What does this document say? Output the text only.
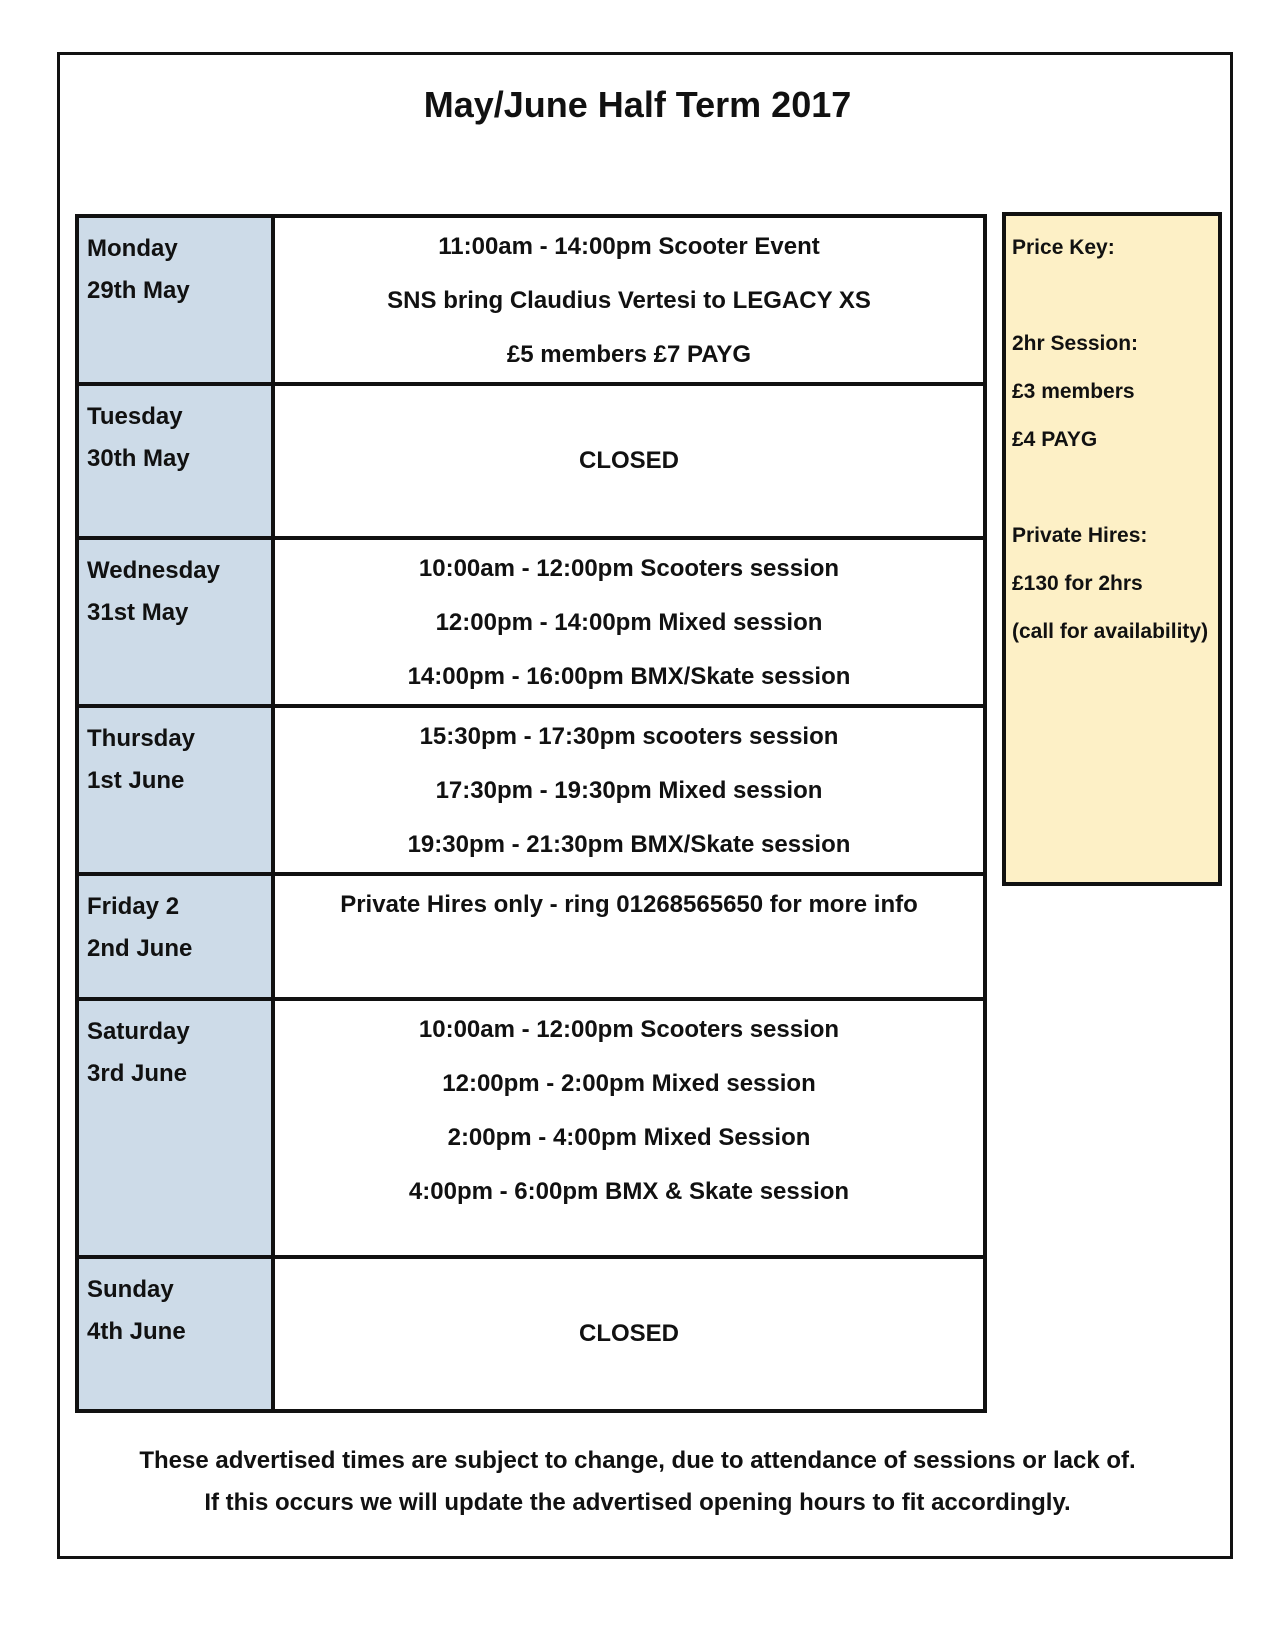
May/June Half Term 2017
Monday
29th May	11:00am - 14:00pm Scooter Event
SNS bring Claudius Vertesi to LEGACY XS
£5 members £7 PAYG

Tuesday
30th May	CLOSED

Wednesday
31st May	10:00am - 12:00pm Scooters session
12:00pm - 14:00pm Mixed session
14:00pm - 16:00pm BMX/Skate session

Thursday
1st June	15:30pm - 17:30pm scooters session
17:30pm - 19:30pm Mixed session
19:30pm - 21:30pm BMX/Skate session

Friday 2
2nd June	Private Hires only - ring 01268565650 for more info

Saturday
3rd June	10:00am - 12:00pm Scooters session
12:00pm - 2:00pm Mixed session
2:00pm - 4:00pm Mixed Session
4:00pm - 6:00pm BMX & Skate session

Sunday
4th June	CLOSED
Price Key:
2hr Session:
£3 members
£4 PAYG
Private Hires:
£130 for 2hrs
(call for availability)
These advertised times are subject to change, due to attendance of sessions or lack of.
If this occurs we will update the advertised opening hours to fit accordingly.
